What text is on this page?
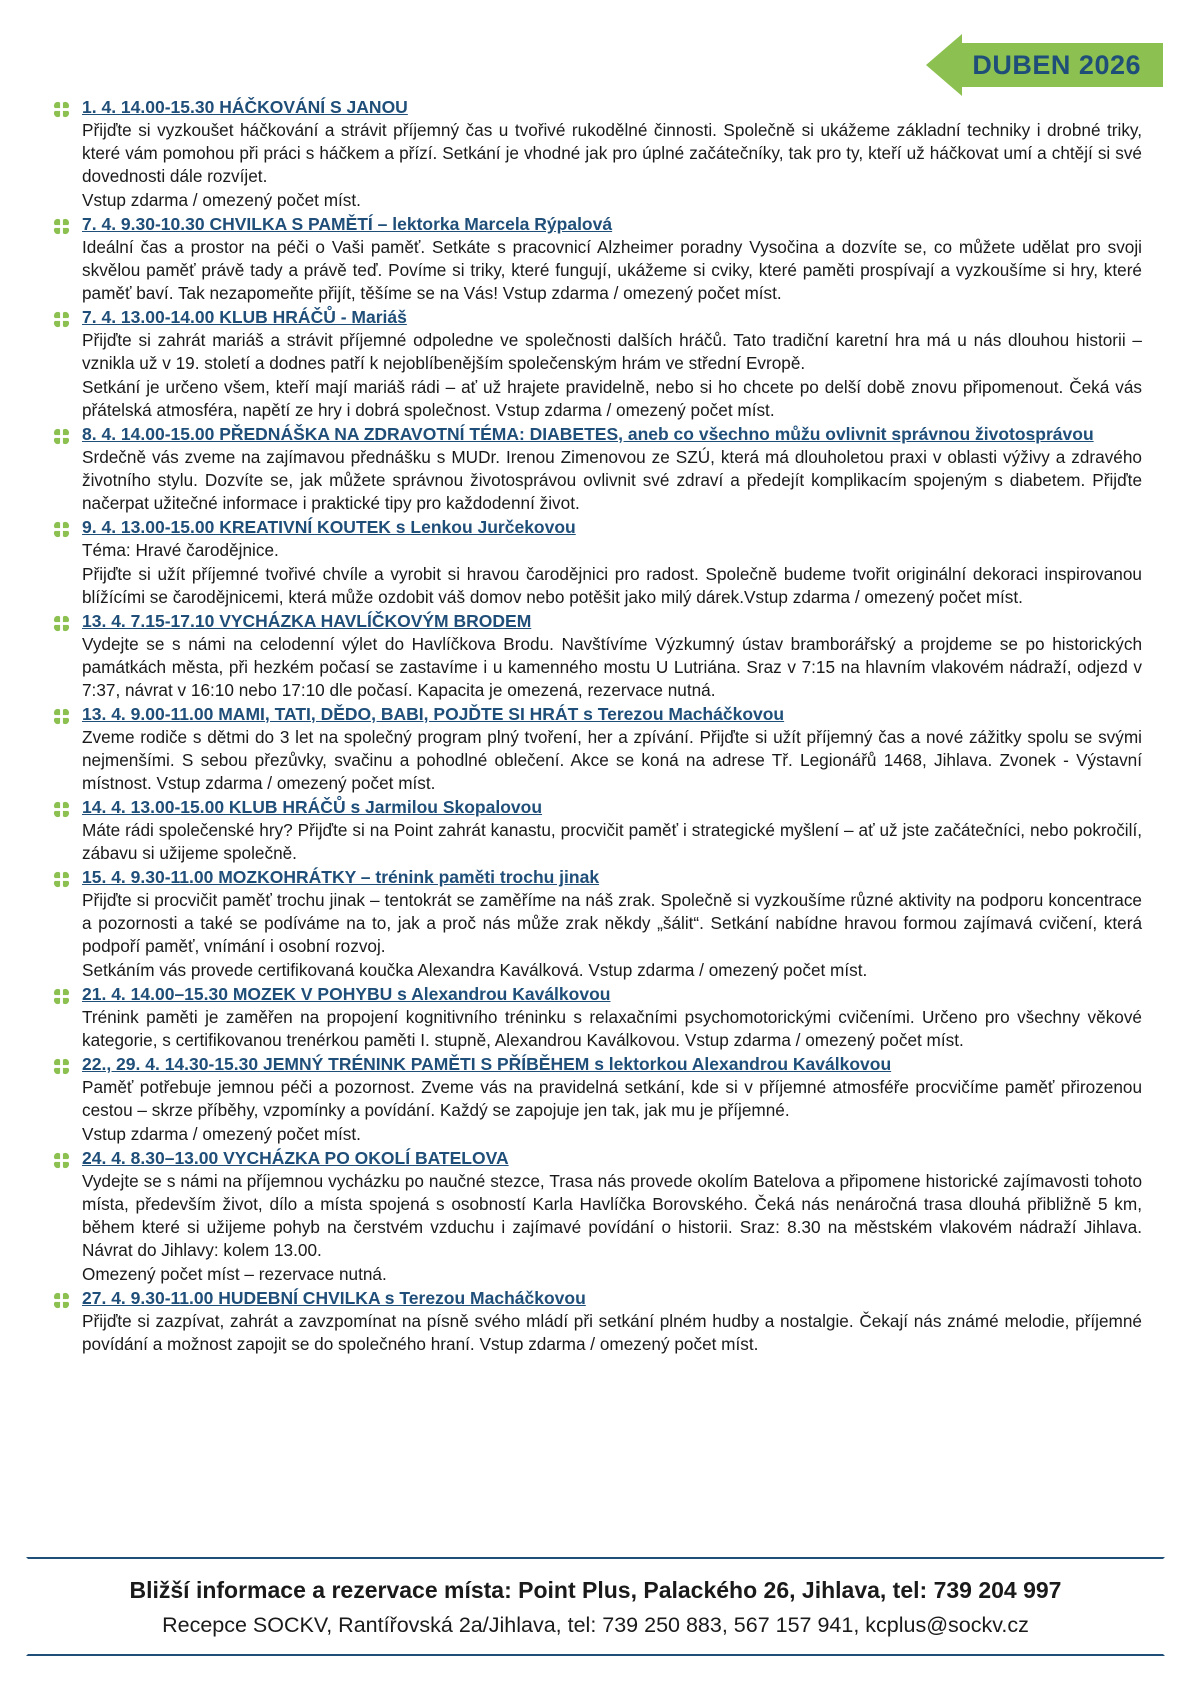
DUBEN 2026
1. 4. 14.00-15.30 HÁČKOVÁNÍ S JANOU

Přijďte si vyzkoušet háčkování a strávit příjemný čas u tvořivé rukodělné činnosti. Společně si ukážeme základní techniky i drobné triky, které vám pomohou při práci s háčkem a přízí. Setkání je vhodné jak pro úplné začátečníky, tak pro ty, kteří už háčkovat umí a chtějí si své dovednosti dále rozvíjet.

Vstup zdarma / omezený počet míst.

7. 4. 9.30-10.30 CHVILKA S PAMĚTÍ – lektorka Marcela Rýpalová

Ideální čas a prostor na péči o Vaši paměť. Setkáte s pracovnicí Alzheimer poradny Vysočina a dozvíte se, co můžete udělat pro svoji skvělou paměť právě tady a právě teď. Povíme si triky, které fungují, ukážeme si cviky, které paměti prospívají a vyzkoušíme si hry, které paměť baví. Tak nezapomeňte přijít, těšíme se na Vás! Vstup zdarma / omezený počet míst.

7. 4. 13.00-14.00 KLUB HRÁČŮ - Mariáš

Přijďte si zahrát mariáš a strávit příjemné odpoledne ve společnosti dalších hráčů. Tato tradiční karetní hra má u nás dlouhou historii – vznikla už v 19. století a dodnes patří k nejoblíbenějším společenským hrám ve střední Evropě.

Setkání je určeno všem, kteří mají mariáš rádi – ať už hrajete pravidelně, nebo si ho chcete po delší době znovu připomenout. Čeká vás přátelská atmosféra, napětí ze hry i dobrá společnost. Vstup zdarma / omezený počet míst.

8. 4. 14.00-15.00 PŘEDNÁŠKA NA ZDRAVOTNÍ TÉMA: DIABETES, aneb co všechno můžu ovlivnit správnou životosprávou

Srdečně vás zveme na zajímavou přednášku s MUDr. Irenou Zimenovou ze SZÚ, která má dlouholetou praxi v oblasti výživy a zdravého životního stylu. Dozvíte se, jak můžete správnou životosprávou ovlivnit své zdraví a předejít komplikacím spojeným s diabetem. Přijďte načerpat užitečné informace i praktické tipy pro každodenní život.

9. 4. 13.00-15.00 KREATIVNÍ KOUTEK s Lenkou Jurčekovou

Téma: Hravé čarodějnice.

Přijďte si užít příjemné tvořivé chvíle a vyrobit si hravou čarodějnici pro radost. Společně budeme tvořit originální dekoraci inspirovanou blížícími se čarodějnicemi, která může ozdobit váš domov nebo potěšit jako milý dárek.Vstup zdarma / omezený počet míst.

13. 4. 7.15-17.10 VYCHÁZKA HAVLÍČKOVÝM BRODEM

Vydejte se s námi na celodenní výlet do Havlíčkova Brodu. Navštívíme Výzkumný ústav bramborářský a projdeme se po historických památkách města, při hezkém počasí se zastavíme i u kamenného mostu U Lutriána. Sraz v 7:15 na hlavním vlakovém nádraží, odjezd v 7:37, návrat v 16:10 nebo 17:10 dle počasí. Kapacita je omezená, rezervace nutná.

13. 4. 9.00-11.00 MAMI, TATI, DĚDO, BABI, POJĎTE SI HRÁT s Terezou Macháčkovou

Zveme rodiče s dětmi do 3 let na společný program plný tvoření, her a zpívání. Přijďte si užít příjemný čas a nové zážitky spolu se svými nejmenšími. S sebou přezůvky, svačinu a pohodlné oblečení. Akce se koná na adrese Tř. Legionářů 1468, Jihlava. Zvonek - Výstavní místnost. Vstup zdarma / omezený počet míst.

14. 4. 13.00-15.00 KLUB HRÁČŮ s Jarmilou Skopalovou

Máte rádi společenské hry? Přijďte si na Point zahrát kanastu, procvičit paměť i strategické myšlení – ať už jste začátečníci, nebo pokročilí, zábavu si užijeme společně.

15. 4. 9.30-11.00 MOZKOHRÁTKY – trénink paměti trochu jinak

Přijďte si procvičit paměť trochu jinak – tentokrát se zaměříme na náš zrak. Společně si vyzkoušíme různé aktivity na podporu koncentrace a pozornosti a také se podíváme na to, jak a proč nás může zrak někdy „šálit“. Setkání nabídne hravou formou zajímavá cvičení, která podpoří paměť, vnímání i osobní rozvoj.

Setkáním vás provede certifikovaná koučka Alexandra Kaválková. Vstup zdarma / omezený počet míst.

21. 4. 14.00–15.30 MOZEK V POHYBU s Alexandrou Kaválkovou

Trénink paměti je zaměřen na propojení kognitivního tréninku s relaxačními psychomotorickými cvičeními. Určeno pro všechny věkové kategorie, s certifikovanou trenérkou paměti I. stupně, Alexandrou Kaválkovou. Vstup zdarma / omezený počet míst.

22., 29. 4. 14.30-15.30 JEMNÝ TRÉNINK PAMĚTI S PŘÍBĚHEM s lektorkou Alexandrou Kaválkovou

Paměť potřebuje jemnou péči a pozornost. Zveme vás na pravidelná setkání, kde si v příjemné atmosféře procvičíme paměť přirozenou cestou – skrze příběhy, vzpomínky a povídání. Každý se zapojuje jen tak, jak mu je příjemné.

Vstup zdarma / omezený počet míst.

24. 4. 8.30–13.00 VYCHÁZKA PO OKOLÍ BATELOVA

Vydejte se s námi na příjemnou vycházku po naučné stezce, Trasa nás provede okolím Batelova a připomene historické zajímavosti tohoto místa, především život, dílo a místa spojená s osobností Karla Havlíčka Borovského. Čeká nás nenáročná trasa dlouhá přibližně 5 km, během které si užijeme pohyb na čerstvém vzduchu i zajímavé povídání o historii. Sraz: 8.30 na městském vlakovém nádraží Jihlava. Návrat do Jihlavy: kolem 13.00.

Omezený počet míst – rezervace nutná.

27. 4. 9.30-11.00 HUDEBNÍ CHVILKA s Terezou Macháčkovou

Přijďte si zazpívat, zahrát a zavzpomínat na písně svého mládí při setkání plném hudby a nostalgie. Čekají nás známé melodie, příjemné povídání a možnost zapojit se do společného hraní. Vstup zdarma / omezený počet míst.

Bližší informace a rezervace místa: Point Plus, Palackého 26, Jihlava, tel: 739 204 997
Recepce SOCKV, Rantířovská 2a/Jihlava, tel: 739 250 883, 567 157 941, kcplus@sockv.cz
